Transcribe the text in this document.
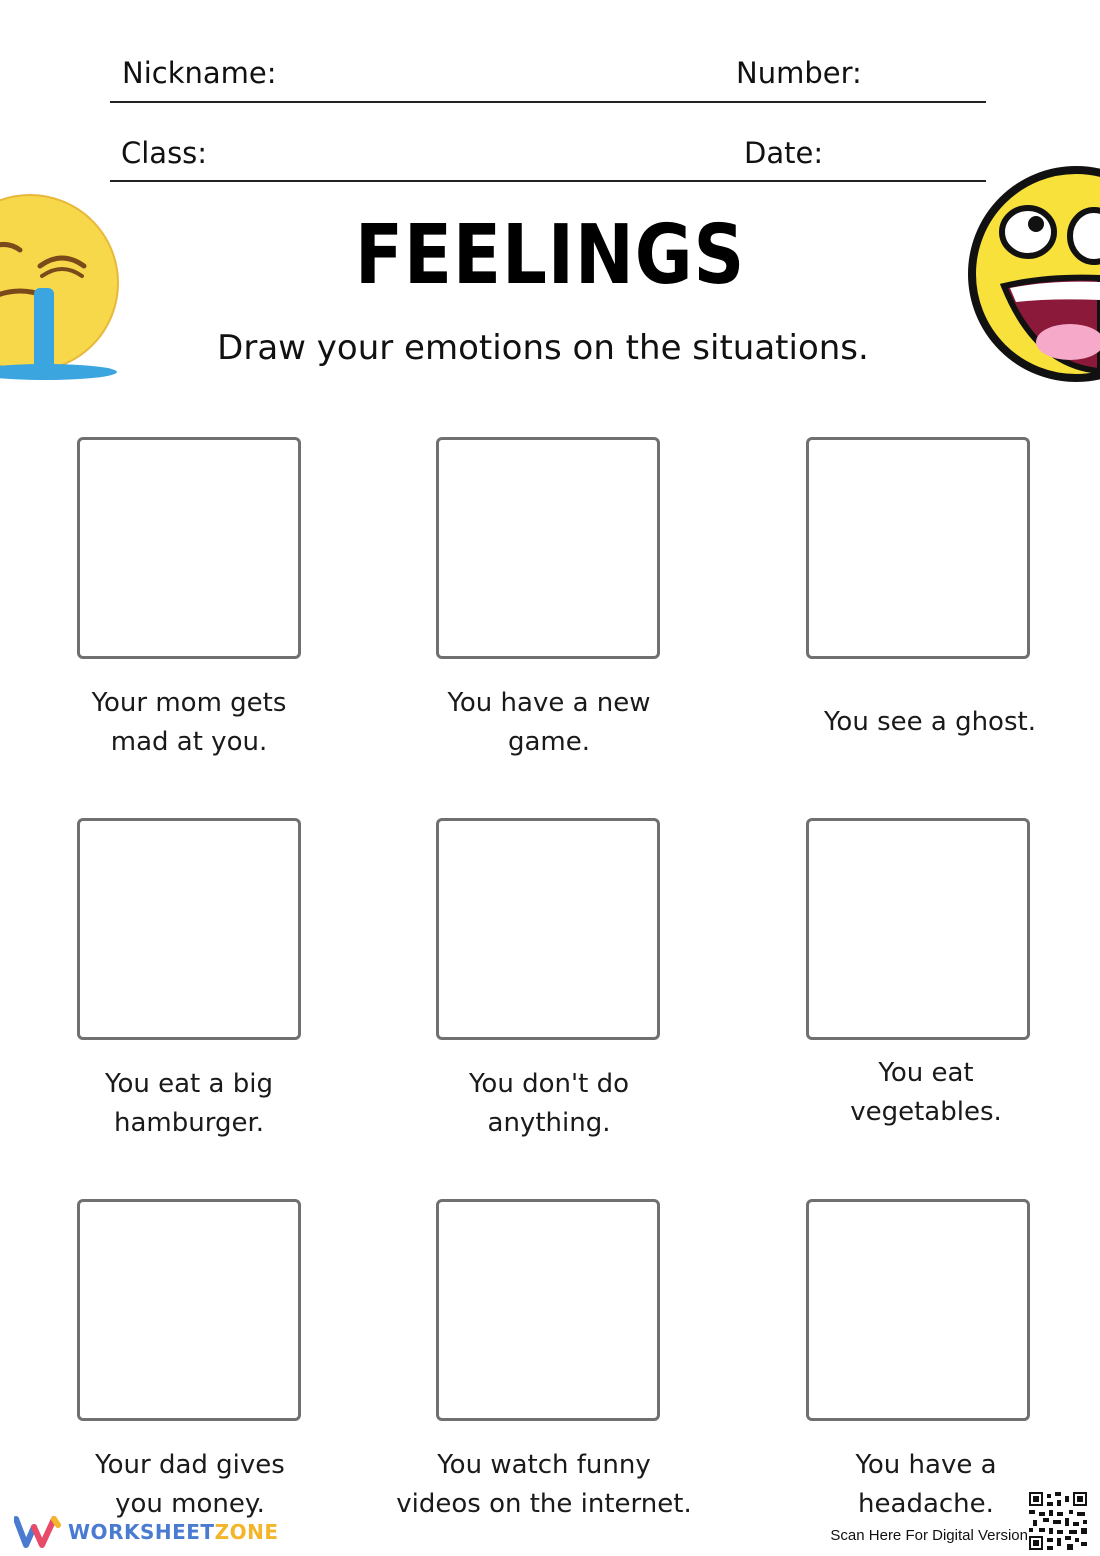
Nickname:	Number:
Class:	Date:
FEELINGS
Draw your emotions on the situations.
Your mom gets
mad at you.
You have a new
game.
You see a ghost.
You eat a big
hamburger.
You don't do
anything.
You eat
vegetables.
Your dad gives
you money.
You watch funny
videos on the internet.
You have a
headache.
WORKSHEETZONE	Scan Here For Digital Version
